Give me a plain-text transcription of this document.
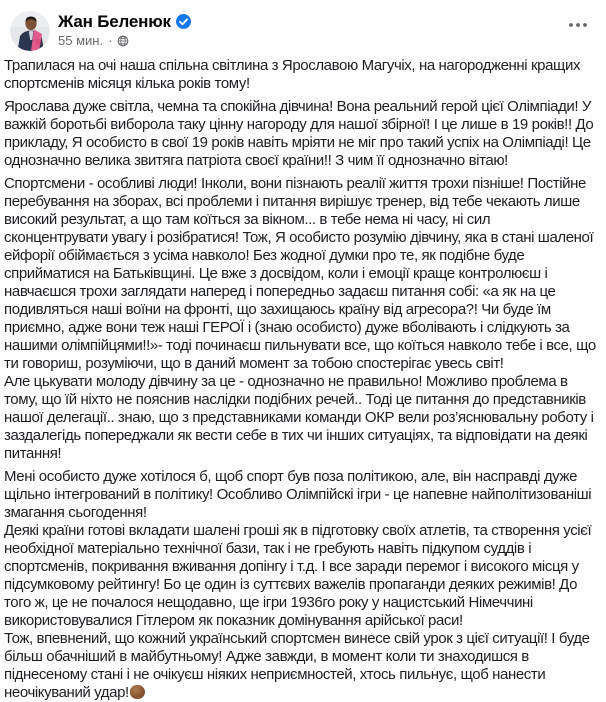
Жан Беленюк
55 мин. ·
Трапилася на очі наша спільна світлина з Ярославою Магучіх, на нагородженні кращих спортсменів місяця кілька років тому!
Ярослава дуже світла, чемна та спокійна дівчина! Вона реальний герой цієї Олімпіади! У важкій боротьбі виборола таку цінну нагороду для нашої збірної! І це лише в 19 років!! До прикладу, Я особисто в свої 19 років навіть мріяти не міг про такий успіх на Олімпіаді! Це однозначно велика звитяга патріота своєї країни!! З чим її однозначно вітаю!
Спортсмени - особливі люди! Інколи, вони пізнають реалії життя трохи пізніше! Постійне перебування на зборах, всі проблеми і питання вирішує тренер, від тебе чекають лише високий результат, а що там коїться за вікном... в тебе нема ні часу, ні сил сконцентрувати увагу і розібратися! Тож, Я особисто розумію дівчину, яка в стані шаленої ейфорії обіймається з усіма навколо! Без жодної думки про те, як подібне буде сприйматися на Батьківщині. Це вже з досвідом, коли і емоції краще контролюєш і навчаєшся трохи заглядати наперед і попередньо задаєш питання собі: «а як на це подивляться наші воїни на фронті, що захищаюсь країну від агресора?! Чи буде їм приємно, адже вони теж наші ГЕРОЇ і (знаю особисто) дуже вболівають і слідкують за нашими олімпійцями!!»- тоді починаєш пильнувати все, що коїться навколо тебе і все, що ти говориш, розуміючи, що в даний момент за тобою спостерігає увесь світ!
Але цькувати молоду дівчину за це - однозначно не правильно! Можливо проблема в тому, що їй ніхто не пояснив наслідки подібних речей.. Тоді це питання до представників нашої делегації.. знаю, що з представниками команди ОКР вели роз’яснювальну роботу і заздалегідь попереджали як вести себе в тих чи інших ситуаціях, та відповідати на деякі питання!
Мені особисто дуже хотілося б, щоб спорт був поза політикою, але, він насправді дуже щільно інтегрований в політику! Особливо Олімпійскі ігри - це напевне найполітизованіші змагання сьогодення!
Деякі країни готові вкладати шалені гроші як в підготовку своїх атлетів, та створення усієї необхідної матеріально технічної бази, так і не гребують навіть підкупом суддів і спортсменів, покривання вживання допінгу і т.д. І все заради перемог і високого місця у підсумковому рейтингу! Бо це один із суттєвих важелів пропаганди деяких режимів! До того ж, це не почалося нещодавно, ще ігри 1936го року у нацистський Німеччині використовувалися Гітлером як показник домінування арійської раси!
Тож, впевнений, що кожний український спортсмен винесе свій урок з цієї ситуації! І буде більш обачніший в майбутньому! Адже завжди, в момент коли ти знаходишся в піднесеному стані і не очікуєш ніяких неприємностей, хтось пильнує, щоб нанести неочікуваний удар!
